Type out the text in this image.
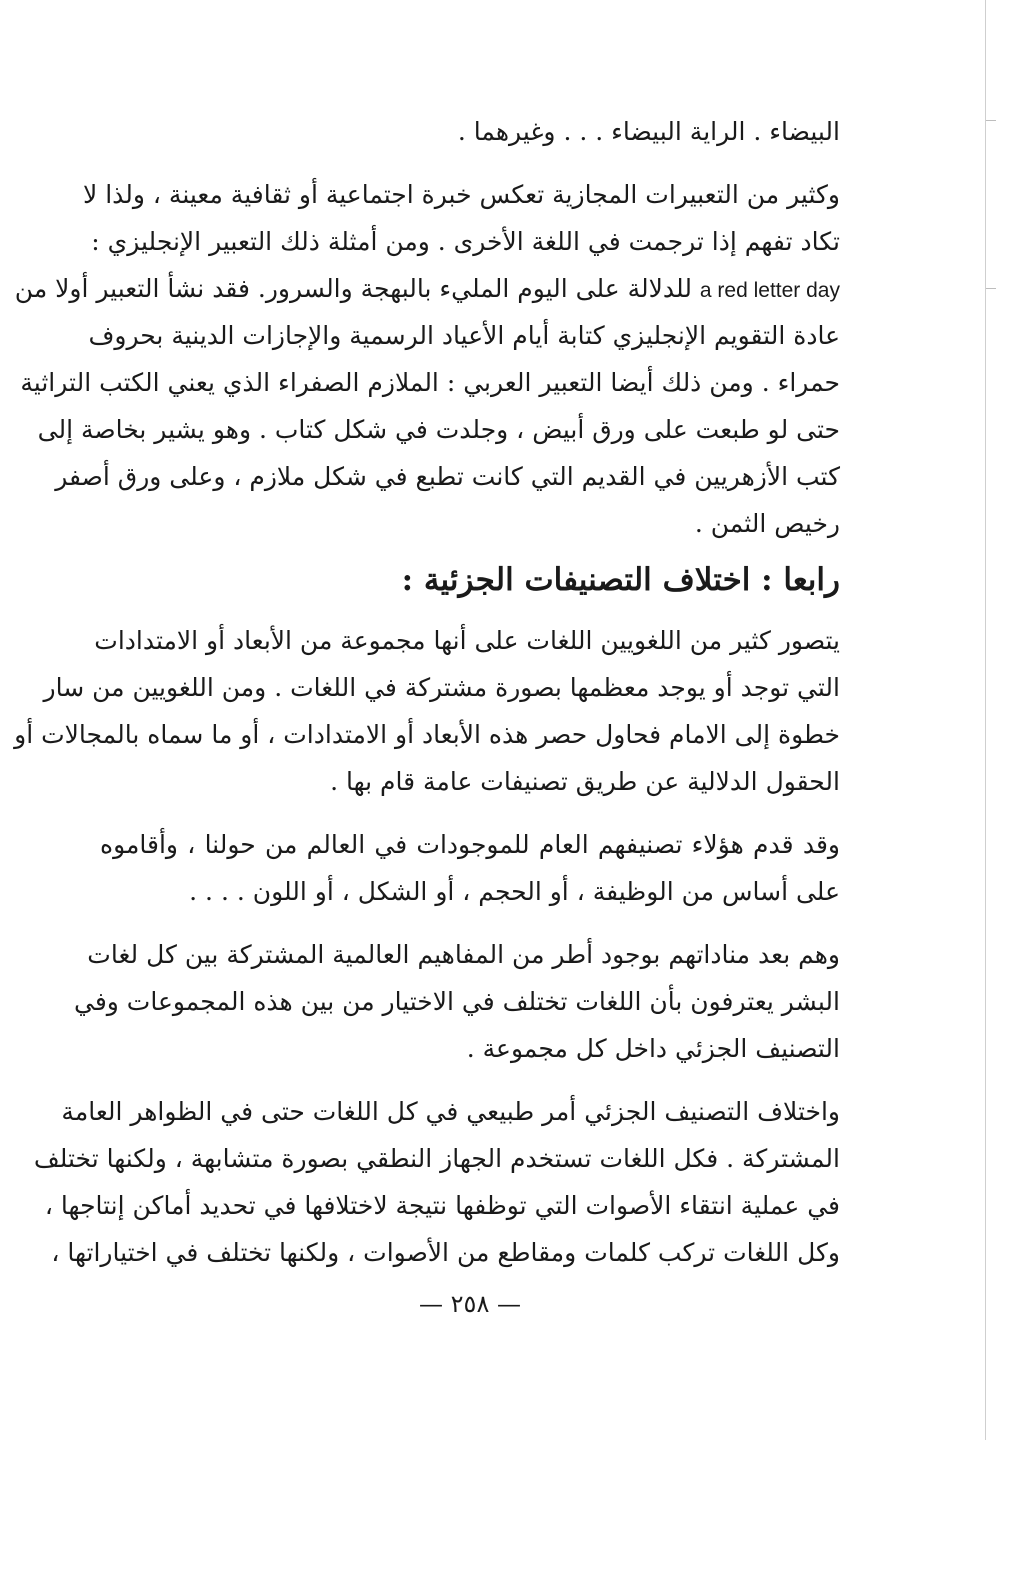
البيضاء . الراية البيضاء . . . وغيرهما .
وكثير من التعبيرات المجازية تعكس خبرة اجتماعية أو ثقافية معينة ، ولذا لا
تكاد تفهم إذا ترجمت في اللغة الأخرى . ومن أمثلة ذلك التعبير الإنجليزي :
a red letter day للدلالة على اليوم المليء بالبهجة والسرور. فقد نشأ التعبير أولا من
عادة التقويم الإنجليزي كتابة أيام الأعياد الرسمية والإجازات الدينية بحروف
حمراء . ومن ذلك أيضا التعبير العربي : الملازم الصفراء الذي يعني الكتب التراثية
حتى لو طبعت على ورق أبيض ، وجلدت في شكل كتاب . وهو يشير بخاصة إلى
كتب الأزهريين في القديم التي كانت تطبع في شكل ملازم ، وعلى ورق أصفر
رخيص الثمن .
رابعا : اختلاف التصنيفات الجزئية :
يتصور كثير من اللغويين اللغات على أنها مجموعة من الأبعاد أو الامتدادات
التي توجد أو يوجد معظمها بصورة مشتركة في اللغات . ومن اللغويين من سار
خطوة إلى الامام فحاول حصر هذه الأبعاد أو الامتدادات ، أو ما سماه بالمجالات أو
الحقول الدلالية عن طريق تصنيفات عامة قام بها .
وقد قدم هؤلاء تصنيفهم العام للموجودات في العالم من حولنا ، وأقاموه
على أساس من الوظيفة ، أو الحجم ، أو الشكل ، أو اللون . . . .
وهم بعد مناداتهم بوجود أطر من المفاهيم العالمية المشتركة بين كل لغات
البشر يعترفون بأن اللغات تختلف في الاختيار من بين هذه المجموعات وفي
التصنيف الجزئي داخل كل مجموعة .
واختلاف التصنيف الجزئي أمر طبيعي في كل اللغات حتى في الظواهر العامة
المشتركة . فكل اللغات تستخدم الجهاز النطقي بصورة متشابهة ، ولكنها تختلف
في عملية انتقاء الأصوات التي توظفها نتيجة لاختلافها في تحديد أماكن إنتاجها ،
وكل اللغات تركب كلمات ومقاطع من الأصوات ، ولكنها تختلف في اختياراتها ،
— ٢٥٨ —
